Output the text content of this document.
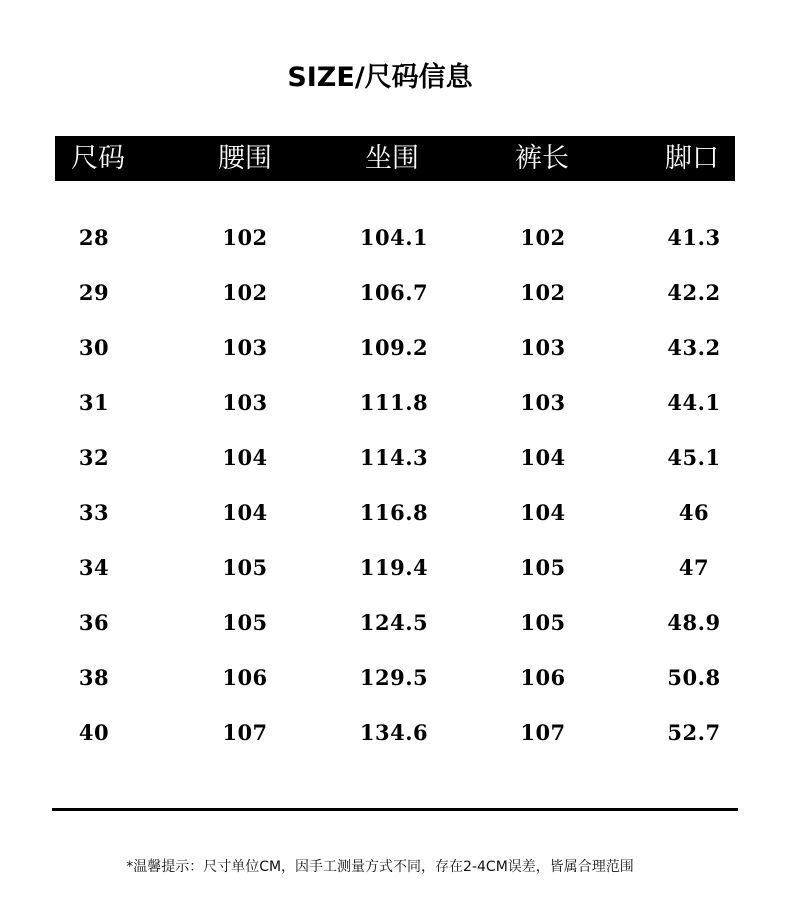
SIZE/尺码信息
尺码	腰围	坐围	裤长	脚口
28	102	104.1	102	41.3
29	102	106.7	102	42.2
30	103	109.2	103	43.2
31	103	111.8	103	44.1
32	104	114.3	104	45.1
33	104	116.8	104	46
34	105	119.4	105	47
36	105	124.5	105	48.9
38	106	129.5	106	50.8
40	107	134.6	107	52.7
*温馨提示：尺寸单位CM，因手工测量方式不同，存在2-4CM误差，皆属合理范围
